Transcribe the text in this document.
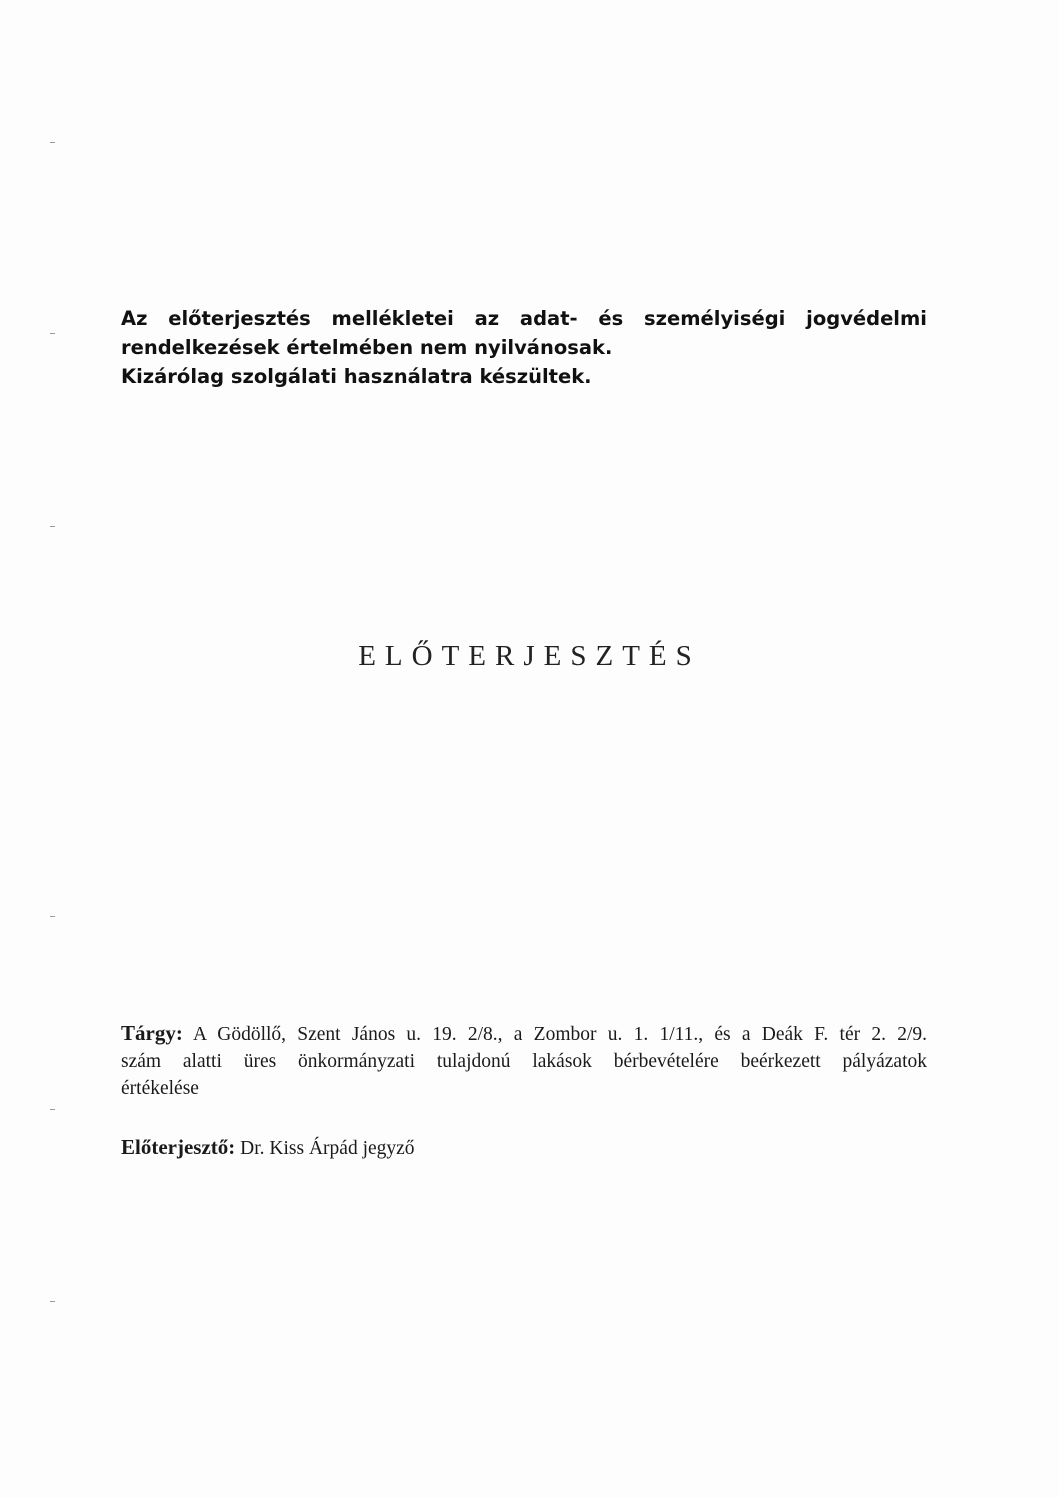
Az előterjesztés mellékletei az adat- és személyiségi jogvédelmi
rendelkezések értelmében nem nyilvánosak.
Kizárólag szolgálati használatra készültek.
ELŐTERJESZTÉS
Tárgy: A Gödöllő, Szent János u. 19. 2/8., a Zombor u. 1. 1/11., és a Deák F. tér 2. 2/9.
szám alatti üres önkormányzati tulajdonú lakások bérbevételére beérkezett pályázatok
értékelése
Előterjesztő: Dr. Kiss Árpád jegyző
